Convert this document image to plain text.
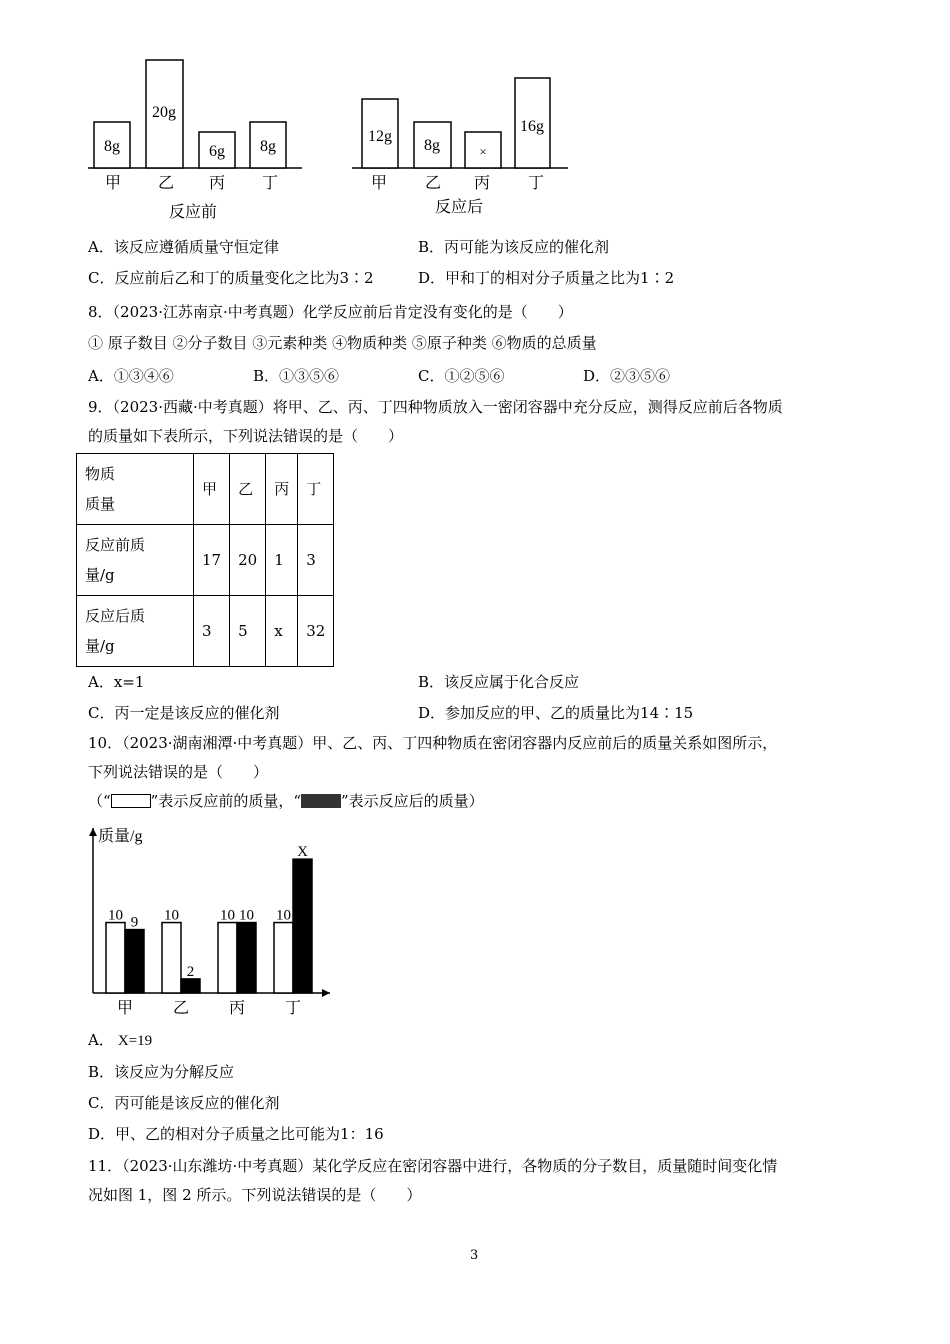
8g
20g
6g 8g
甲 乙 丙 丁
反应前
12g
8g	×
16g
甲 乙 丙 丁
反应后
A．该反应遵循质量守恒定律	B．丙可能为该反应的催化剂
C．反应前后乙和丁的质量变化之比为3∶2	D．甲和丁的相对分子质量之比为1∶2
8．（2023·江苏南京·中考真题）化学反应前后肯定没有变化的是（　　）
① 原子数目 ②分子数目 ③元素种类 ④物质种类 ⑤原子种类 ⑥物质的总质量
A．①③④⑥	B．①③⑤⑥	C．①②⑤⑥	D．②③⑤⑥
9．（2023·西藏·中考真题）将甲、乙、丙、丁四种物质放入一密闭容器中充分反应，测得反应前后各物质
的质量如下表所示，下列说法错误的是（　　）
物质
质量	甲	乙	丙	丁

反应前质
量/g	17	20	1	3

反应后质
量/g	3	5	x	32
A．x=1	B．该反应属于化合反应
C．丙一定是该反应的催化剂	D．参加反应的甲、乙的质量比为14∶15
10．（2023·湖南湘潭·中考真题）甲、乙、丙、丁四种物质在密闭容器内反应前后的质量关系如图所示，
下列说法错误的是（　　）
（“	”表示反应前的质量，“	”表示反应后的质量）
质量/g
10 9
甲
10
2
乙
10 10
丙
10
X
丁
A． X=19
B．该反应为分解反应
C．丙可能是该反应的催化剂
D．甲、乙的相对分子质量之比可能为1：16
11．（2023·山东潍坊·中考真题）某化学反应在密闭容器中进行，各物质的分子数目，质量随时间变化情
况如图 1，图 2 所示。下列说法错误的是（　　）
3
